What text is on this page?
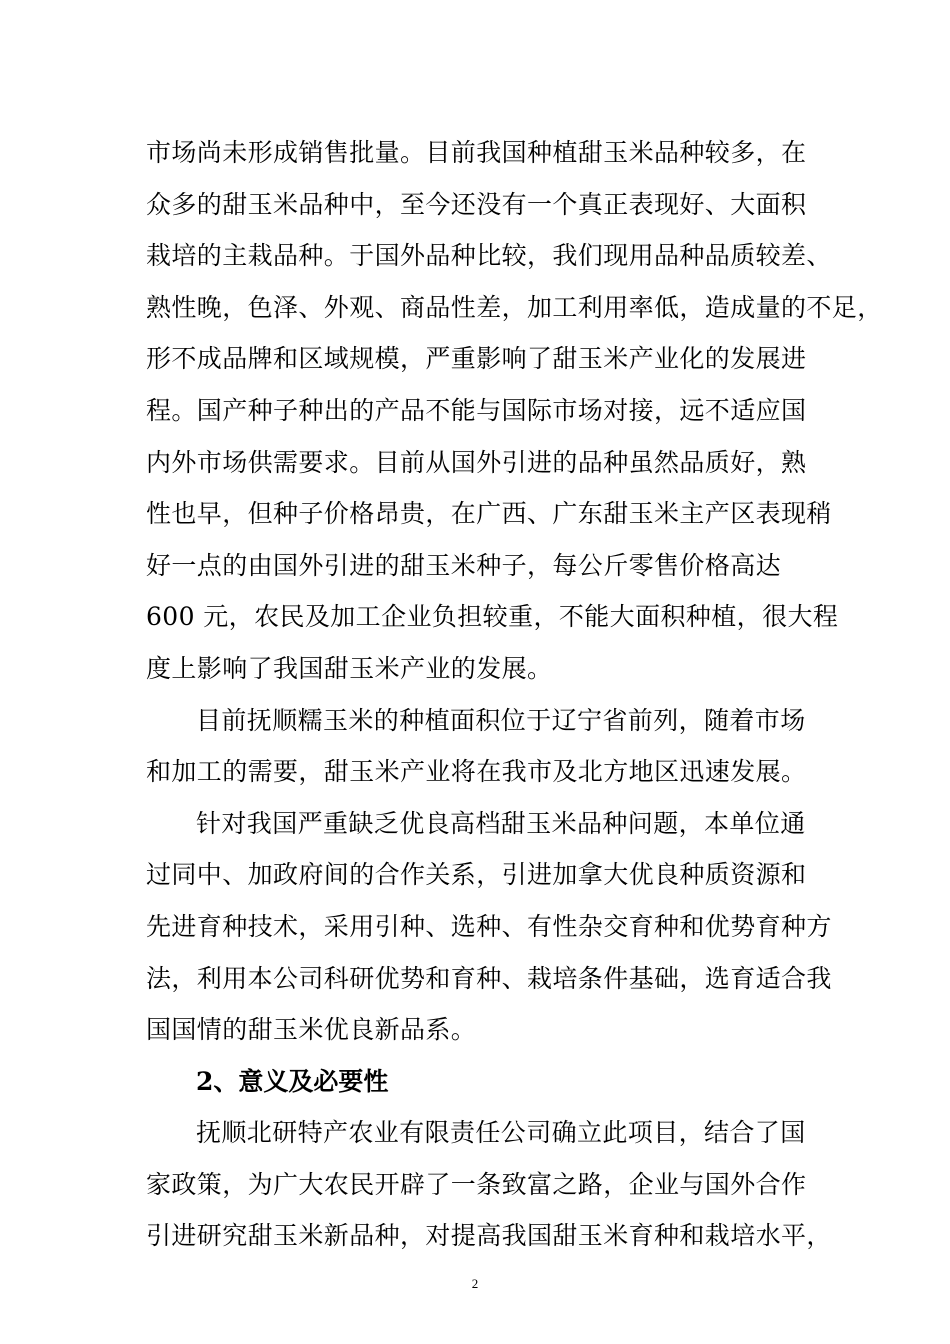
市场尚未形成销售批量。目前我国种植甜玉米品种较多，在
众多的甜玉米品种中，至今还没有一个真正表现好、大面积
栽培的主栽品种。于国外品种比较，我们现用品种品质较差、
熟性晚，色泽、外观、商品性差，加工利用率低，造成量的不足，
形不成品牌和区域规模，严重影响了甜玉米产业化的发展进
程。国产种子种出的产品不能与国际市场对接，远不适应国
内外市场供需要求。目前从国外引进的品种虽然品质好，熟
性也早，但种子价格昂贵，在广西、广东甜玉米主产区表现稍
好一点的由国外引进的甜玉米种子，每公斤零售价格高达
600 元，农民及加工企业负担较重，不能大面积种植，很大程
度上影响了我国甜玉米产业的发展。

目前抚顺糯玉米的种植面积位于辽宁省前列，随着市场
和加工的需要，甜玉米产业将在我市及北方地区迅速发展。

针对我国严重缺乏优良高档甜玉米品种问题，本单位通
过同中、加政府间的合作关系，引进加拿大优良种质资源和
先进育种技术，采用引种、选种、有性杂交育种和优势育种方
法，利用本公司科研优势和育种、栽培条件基础，选育适合我
国国情的甜玉米优良新品系。

2、意义及必要性

抚顺北研特产农业有限责任公司确立此项目，结合了国
家政策，为广大农民开辟了一条致富之路，企业与国外合作
引进研究甜玉米新品种，对提高我国甜玉米育种和栽培水平，

2
